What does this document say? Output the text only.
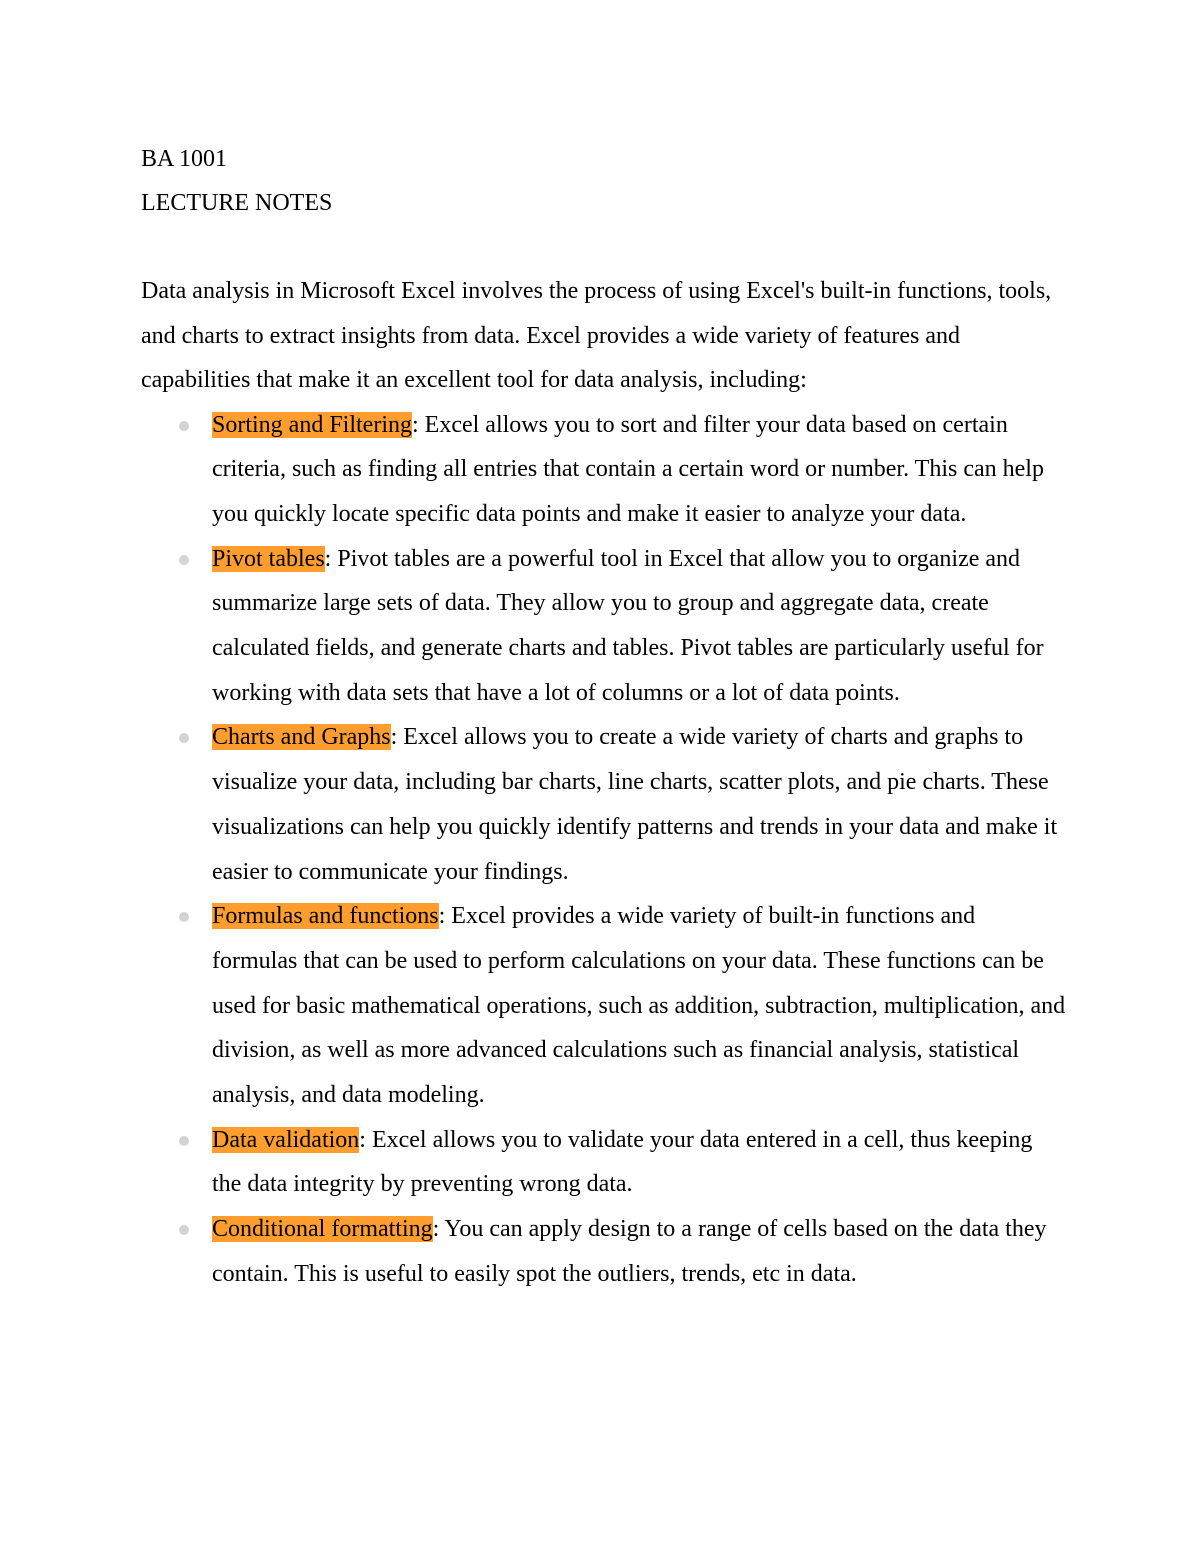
BA 1001

LECTURE NOTES

Data analysis in Microsoft Excel involves the process of using Excel's built-in functions, tools, and charts to extract insights from data. Excel provides a wide variety of features and capabilities that make it an excellent tool for data analysis, including:

Sorting and Filtering: Excel allows you to sort and filter your data based on certain criteria, such as finding all entries that contain a certain word or number. This can help you quickly locate specific data points and make it easier to analyze your data.
Pivot tables: Pivot tables are a powerful tool in Excel that allow you to organize and summarize large sets of data. They allow you to group and aggregate data, create calculated fields, and generate charts and tables. Pivot tables are particularly useful for working with data sets that have a lot of columns or a lot of data points.
Charts and Graphs: Excel allows you to create a wide variety of charts and graphs to visualize your data, including bar charts, line charts, scatter plots, and pie charts. These visualizations can help you quickly identify patterns and trends in your data and make it easier to communicate your findings.
Formulas and functions: Excel provides a wide variety of built-in functions and formulas that can be used to perform calculations on your data. These functions can be used for basic mathematical operations, such as addition, subtraction, multiplication, and division, as well as more advanced calculations such as financial analysis, statistical analysis, and data modeling.
Data validation: Excel allows you to validate your data entered in a cell, thus keeping the data integrity by preventing wrong data.
Conditional formatting: You can apply design to a range of cells based on the data they contain. This is useful to easily spot the outliers, trends, etc in data.
